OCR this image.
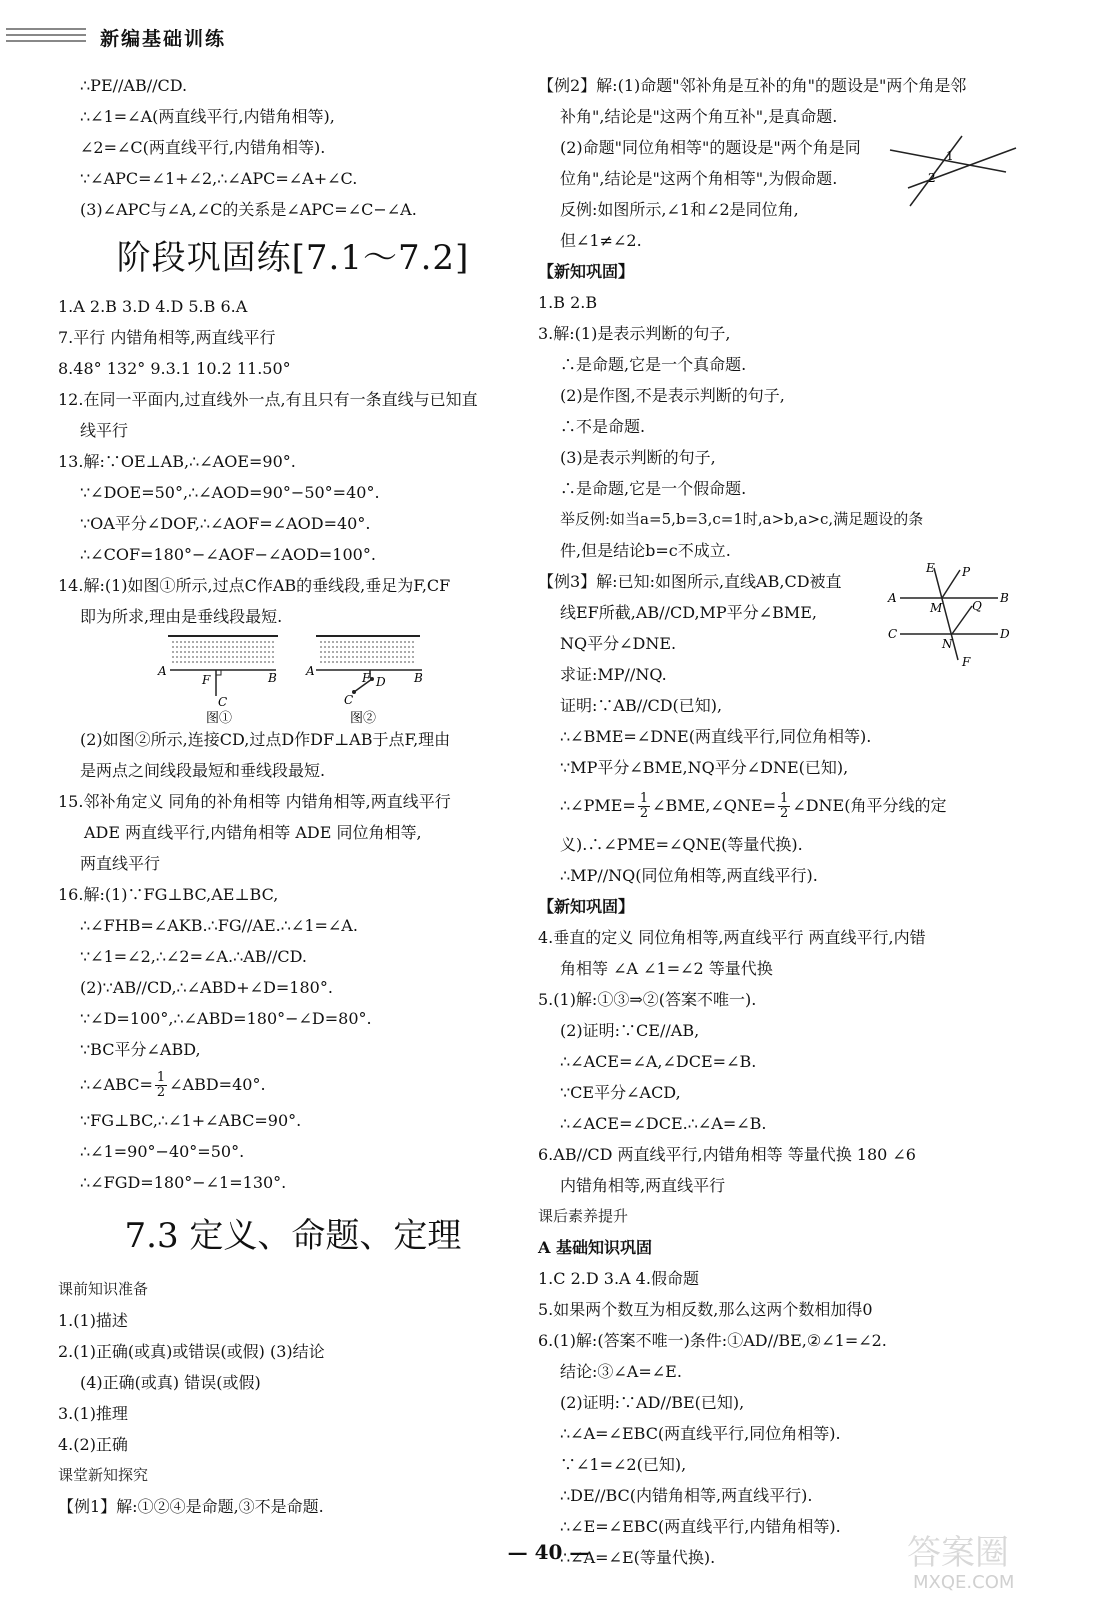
新编基础训练
∴PE//AB//CD.
∴∠1=∠A(两直线平行,内错角相等),
∠2=∠C(两直线平行,内错角相等).
∵∠APC=∠1+∠2,∴∠APC=∠A+∠C.
(3)∠APC与∠A,∠C的关系是∠APC=∠C−∠A.
阶段巩固练[7.1～7.2]
1.A 2.B 3.D 4.D 5.B 6.A
7.平行 内错角相等,两直线平行
8.48° 132° 9.3.1 10.2 11.50°
12.在同一平面内,过直线外一点,有且只有一条直线与已知直
线平行
13.解:∵OE⊥AB,∴∠AOE=90°.
∵∠DOE=50°,∴∠AOD=90°−50°=40°.
∵OA平分∠DOF,∴∠AOF=∠AOD=40°.
∴∠COF=180°−∠AOF−∠AOD=100°.
14.解:(1)如图①所示,过点C作AB的垂线段,垂足为F,CF
即为所求,理由是垂线段最短.
A	B
F
C
图①
A	B
F D
C
图②
(2)如图②所示,连接CD,过点D作DF⊥AB于点F,理由
是两点之间线段最短和垂线段最短.
15.邻补角定义 同角的补角相等 内错角相等,两直线平行
ADE 两直线平行,内错角相等 ADE 同位角相等,
两直线平行
16.解:(1)∵FG⊥BC,AE⊥BC,
∴∠FHB=∠AKB.∴FG//AE.∴∠1=∠A.
∵∠1=∠2,∴∠2=∠A.∴AB//CD.
(2)∵AB//CD,∴∠ABD+∠D=180°.
∵∠D=100°,∴∠ABD=180°−∠D=80°.
∵BC平分∠ABD,
∴∠ABC= $\frac{1}{2}$ ∠ABD=40°.
∵FG⊥BC,∴∠1+∠ABC=90°.
∴∠1=90°−40°=50°.
∴∠FGD=180°−∠1=130°.
7.3 定义、命题、定理
课前知识准备
1.(1)描述
2.(1)正确(或真)或错误(或假) (3)结论
(4)正确(或真) 错误(或假)
3.(1)推理
4.(2)正确
课堂新知探究
【例1】解:①②④是命题,③不是命题.
【例2】解:(1)命题"邻补角是互补的角"的题设是"两个角是邻
补角",结论是"这两个角互补",是真命题.
(2)命题"同位角相等"的题设是"两个角是同
位角",结论是"这两个角相等",为假命题.
反例:如图所示,∠1和∠2是同位角,
但∠1≠∠2.
1
2
【新知巩固】
1.B 2.B
3.解:(1)是表示判断的句子,
∴是命题,它是一个真命题.
(2)是作图,不是表示判断的句子,
∴不是命题.
(3)是表示判断的句子,
∴是命题,它是一个假命题.
举反例:如当a=5,b=3,c=1时,a>b,a>c,满足题设的条
件,但是结论b=c不成立.
【例3】解:已知:如图所示,直线AB,CD被直
线EF所截,AB//CD,MP平分∠BME,
NQ平分∠DNE.
求证:MP//NQ.
E P
A
M Q
B
C
N
D
F
证明:∵AB//CD(已知),
∴∠BME=∠DNE(两直线平行,同位角相等).
∵MP平分∠BME,NQ平分∠DNE(已知),
∴∠PME= $\frac{1}{2}$ ∠BME,∠QNE= $\frac{1}{2}$ ∠DNE(角平分线的定
义).∴∠PME=∠QNE(等量代换).
∴MP//NQ(同位角相等,两直线平行).
【新知巩固】
4.垂直的定义 同位角相等,两直线平行 两直线平行,内错
角相等 ∠A ∠1=∠2 等量代换
5.(1)解:①③⇒②(答案不唯一).
(2)证明:∵CE//AB,
∴∠ACE=∠A,∠DCE=∠B.
∵CE平分∠ACD,
∴∠ACE=∠DCE.∴∠A=∠B.
6.AB//CD 两直线平行,内错角相等 等量代换 180 ∠6
内错角相等,两直线平行
课后素养提升
A 基础知识巩固
1.C 2.D 3.A 4.假命题
5.如果两个数互为相反数,那么这两个数相加得0
6.(1)解:(答案不唯一)条件:①AD//BE,②∠1=∠2.
结论:③∠A=∠E.
(2)证明:∵AD//BE(已知),
∴∠A=∠EBC(两直线平行,同位角相等).
∵∠1=∠2(已知),
∴DE//BC(内错角相等,两直线平行).
∴∠E=∠EBC(两直线平行,内错角相等).
∴∠A=∠E(等量代换).
— 40 —	答案圈
MXQE.COM
